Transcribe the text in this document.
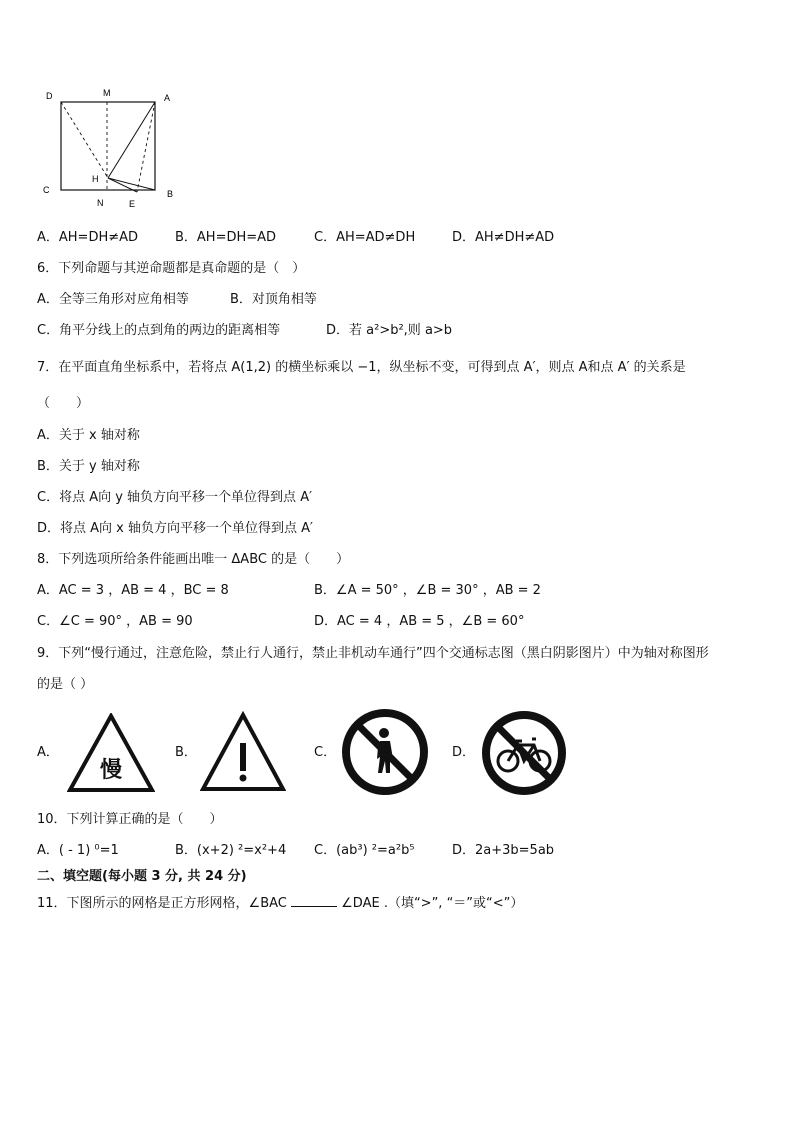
D	M	A
C
H
N	E
B
A．AH=DH≠AD	B．AH=DH=AD	C．AH=AD≠DH	D．AH≠DH≠AD
6．下列命题与其逆命题都是真命题的是（　）
A．全等三角形对应角相等	B．对顶角相等
C．角平分线上的点到角的两边的距离相等	D．若 a²>b²,则 a>b
7．在平面直角坐标系中，若将点 A(1,2) 的横坐标乘以 −1，纵坐标不变，可得到点 A′，则点 A和点 A′ 的关系是
（　　）
A．关于 x 轴对称
B．关于 y 轴对称
C．将点 A向 y 轴负方向平移一个单位得到点 A′
D．将点 A向 x 轴负方向平移一个单位得到点 A′
8．下列选项所给条件能画出唯一 ΔABC 的是（　　）
A．AC = 3 ，AB = 4 ，BC = 8	B．∠A = 50° ，∠B = 30° ，AB = 2
C．∠C = 90° ，AB = 90	D．AC = 4 ，AB = 5 ，∠B = 60°
9．下列“慢行通过，注意危险，禁止行人通行，禁止非机动车通行”四个交通标志图（黑白阴影图片）中为轴对称图形
的是（ ）
A．
慢
B．	C．	D．
10．下列计算正确的是（　　）
A．( - 1) ⁰=1	B．(x+2) ²=x²+4 C．(ab³) ²=a²b⁵	D．2a+3b=5ab
二、填空题(每小题 3 分, 共 24 分)
11．下图所示的网格是正方形网格，∠BAC	∠DAE .（填“>”, “＝”或“<”）
